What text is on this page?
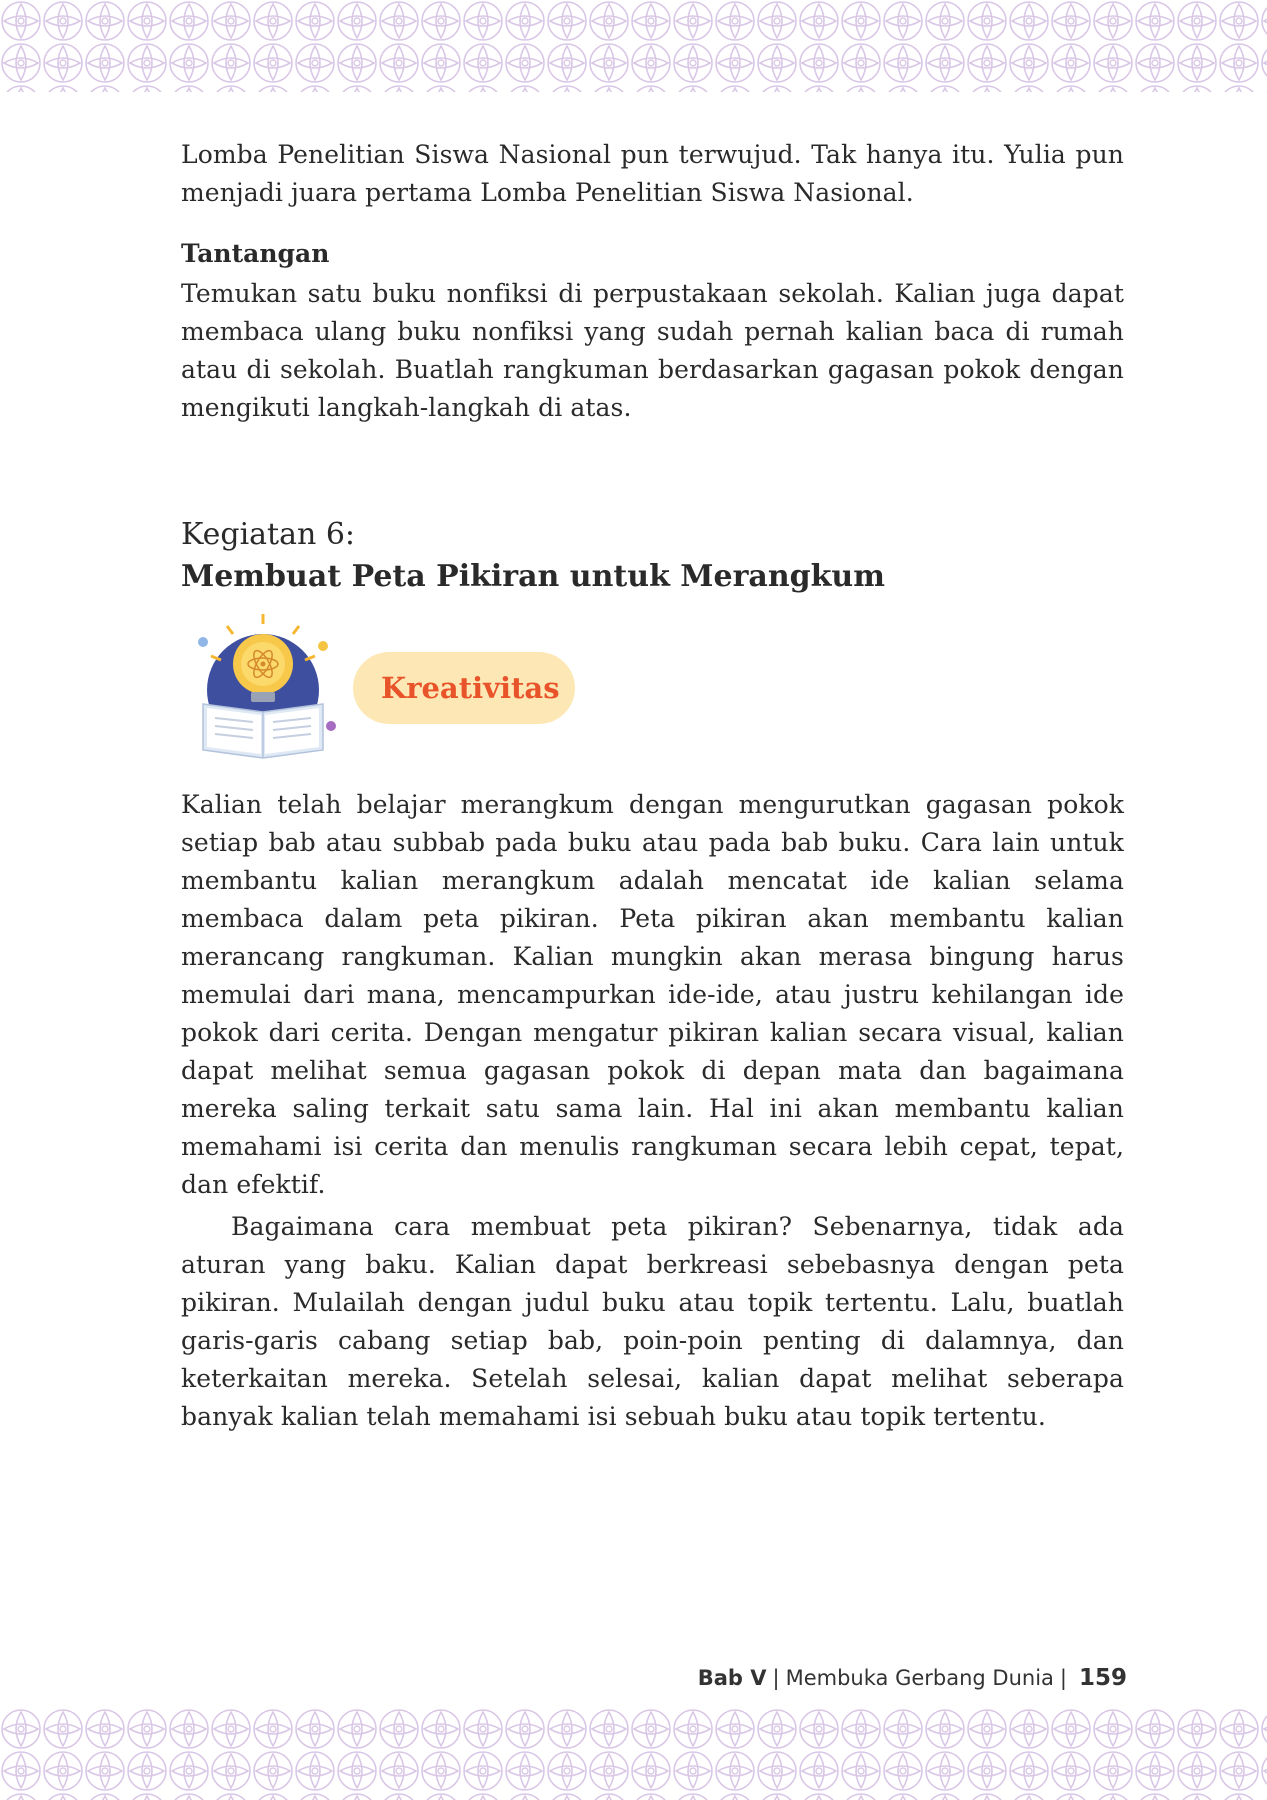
Lomba Penelitian Siswa Nasional pun terwujud. Tak hanya itu. Yulia pun menjadi juara pertama Lomba Penelitian Siswa Nasional.

Tantangan

Temukan satu buku nonfiksi di perpustakaan sekolah. Kalian juga dapat membaca ulang buku nonfiksi yang sudah pernah kalian baca di rumah atau di sekolah. Buatlah rangkuman berdasarkan gagasan pokok dengan mengikuti langkah-langkah di atas.

Kegiatan 6:
Membuat Peta Pikiran untuk Merangkum
Kreativitas

Kalian telah belajar merangkum dengan mengurutkan gagasan pokok setiap bab atau subbab pada buku atau pada bab buku. Cara lain untuk membantu kalian merangkum adalah mencatat ide kalian selama membaca dalam peta pikiran. Peta pikiran akan membantu kalian merancang rangkuman. Kalian mungkin akan merasa bingung harus memulai dari mana, mencampurkan ide-ide, atau justru kehilangan ide pokok dari cerita. Dengan mengatur pikiran kalian secara visual, kalian dapat melihat semua gagasan pokok di depan mata dan bagaimana mereka saling terkait satu sama lain. Hal ini akan membantu kalian memahami isi cerita dan menulis rangkuman secara lebih cepat, tepat, dan efektif.

Bagaimana cara membuat peta pikiran? Sebenarnya, tidak ada aturan yang baku. Kalian dapat berkreasi sebebasnya dengan peta pikiran. Mulailah dengan judul buku atau topik tertentu. Lalu, buatlah garis-garis cabang setiap bab, poin-poin penting di dalamnya, dan keterkaitan mereka. Setelah selesai, kalian dapat melihat seberapa banyak kalian telah memahami isi sebuah buku atau topik tertentu.

Bab V | Membuka Gerbang Dunia | 159
